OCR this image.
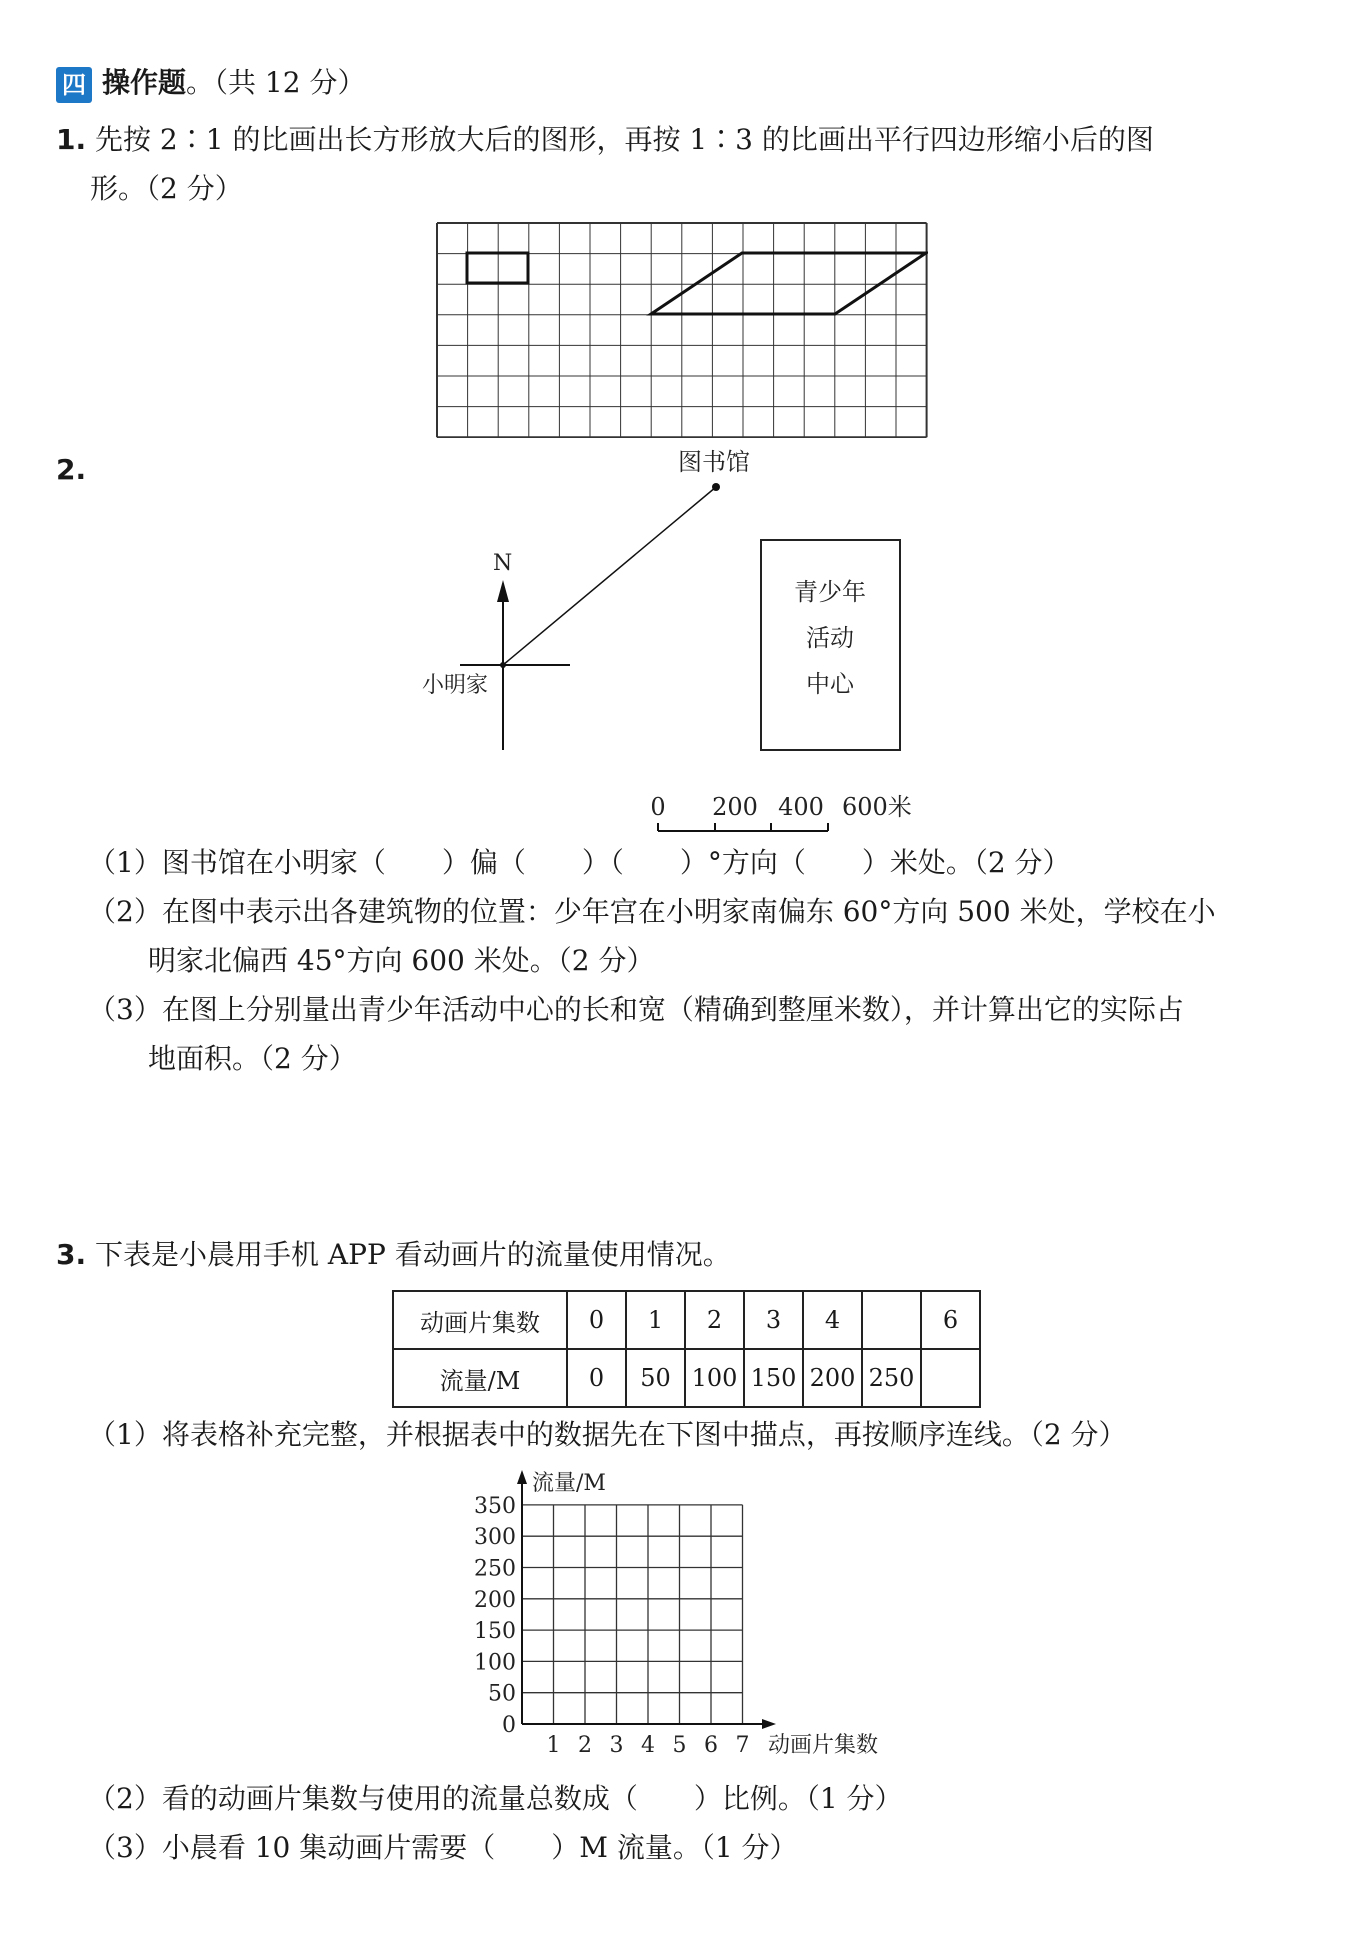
四 操作题。（共 12 分）
1. 先按 2∶1 的比画出长方形放大后的图形，再按 1∶3 的比画出平行四边形缩小后的图
形。（2 分）
2.	图书馆
N
小明家
青少年
活动
中心
0 200 400 600米
（1）图书馆在小明家（　　）偏（　　）（　　）°方向（　　）米处。（2 分）
（2）在图中表示出各建筑物的位置：少年宫在小明家南偏东 60°方向 500 米处，学校在小
明家北偏西 45°方向 600 米处。（2 分）
（3）在图上分别量出青少年活动中心的长和宽（精确到整厘米数），并计算出它的实际占
地面积。（2 分）
3. 下表是小晨用手机 APP 看动画片的流量使用情况。
动画片集数	0	1	2	3	4		6
流量/M	0	50	100	150	200	250	
（1）将表格补充完整，并根据表中的数据先在下图中描点，再按顺序连线。（2 分）
1 2 3 4 5 6 7
0
50
100
150
200
250
300
350
流量/M
动画片集数
（2）看的动画片集数与使用的流量总数成（　　）比例。（1 分）
（3）小晨看 10 集动画片需要（　　）M 流量。（1 分）
